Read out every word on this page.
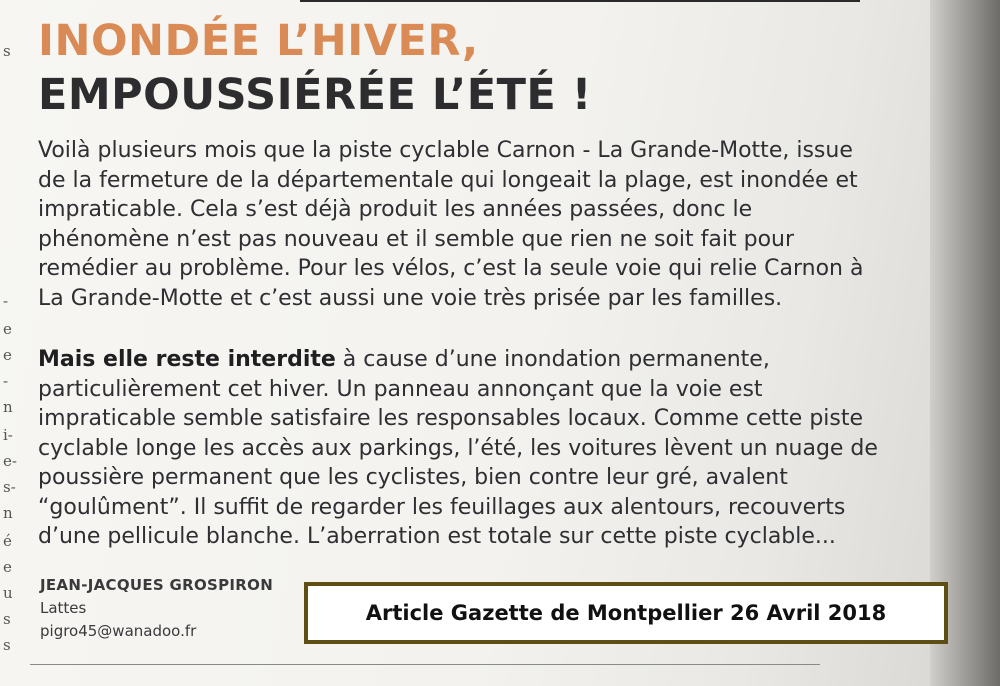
s
-
e
e
-
n
i-
e-
s-
n
é
e
u
s
s
INONDÉE L’HIVER,
EMPOUSSIÉRÉE L’ÉTÉ !

Voilà plusieurs mois que la piste cyclable Carnon - La Grande-Motte, issue de la fermeture de la départementale qui longeait la plage, est inondée et impraticable. Cela s’est déjà produit les années passées, donc le phénomène n’est pas nouveau et il semble que rien ne soit fait pour remédier au problème. Pour les vélos, c’est la seule voie qui relie Carnon à La Grande-Motte et c’est aussi une voie très prisée par les familles.

Mais elle reste interdite à cause d’une inondation permanente, particulièrement cet hiver. Un panneau annonçant que la voie est impraticable semble satisfaire les responsables locaux. Comme cette piste cyclable longe les accès aux parkings, l’été, les voitures lèvent un nuage de poussière permanent que les cyclistes, bien contre leur gré, avalent “goulûment”. Il suffit de regarder les feuillages aux alentours, recouverts d’une pellicule blanche. L’aberration est totale sur cette piste cyclable...

JEAN-JACQUES GROSPIRON
Lattes
pigro45@wanadoo.fr
Article Gazette de Montpellier 26 Avril 2018
